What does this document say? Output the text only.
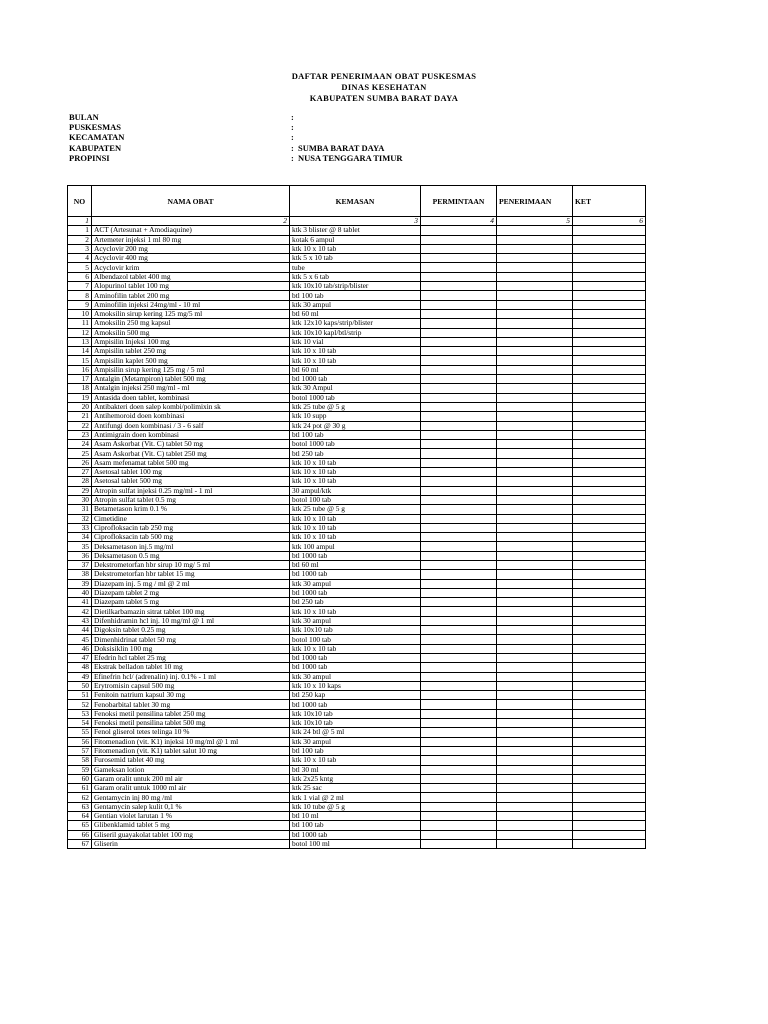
DAFTAR PENERIMAAN OBAT PUSKESMAS
DINAS KESEHATAN
KABUPATEN SUMBA BARAT DAYA
BULAN	:
PUSKESMAS	:
KECAMATAN	:
KABUPATEN	: SUMBA BARAT DAYA
PROPINSI	: NUSA TENGGARA TIMUR
NO	NAMA OBAT	KEMASAN	PERMINTAAN	PENERIMAAN	KET
1	2	3	4	5	6
1	ACT (Artesunat + Amodiaquine)	ktk 3 blister @ 8 tablet			
2	Artemeter injeksi 1 ml 80 mg	kotak 6 ampul			
3	Acyclovir 200 mg	ktk 10 x 10 tab			
4	Acyclovir 400 mg	ktk 5 x 10 tab			
5	Acyclovir krim	tube			
6	Albendazol tablet 400 mg	ktk 5 x 6 tab			
7	Alopurinol tablet 100 mg	ktk 10x10 tab/strip/blister			
8	Aminofilin tablet 200 mg	btl 100 tab			
9	Aminofilin injeksi 24mg/ml - 10 ml	ktk 30 ampul			
10	Amoksilin sirup kering 125 mg/5 ml	btl 60 ml			
11	Amoksilin 250 mg kapsul	ktk 12x10 kaps/strip/blister			
12	Amoksilin 500 mg	ktk 10x10 kapl/btl/strip			
13	Ampisilin Injeksi 100 mg	ktk 10 vial			
14	Ampisilin tablet 250 mg	ktk 10 x 10 tab			
15	Ampisilin kaplet 500 mg	ktk 10 x 10 tab			
16	Ampisilin sirup kering 125 mg / 5 ml	btl 60 ml			
17	Antalgin (Metampiron) tablet 500 mg	btl 1000 tab			
18	Antalgin injeksi 250 mg/ml - ml	ktk 30 Ampul			
19	Antasida doen tablet, kombinasi	botol 1000 tab			
20	Antibakteri doen salep kombi/polimixin sk	ktk 25 tube @ 5 g			
21	Antihemoroid doen kombinasi	ktk 10 supp			
22	Antifungi doen kombinasi / 3 - 6 salf	ktk 24 pot @ 30 g			
23	Antimigrain doen kombinasi	btl 100 tab			
24	Asam Askorbat (Vit. C) tablet 50 mg	botol 1000 tab			
25	Asam Askorbat (Vit. C) tablet 250 mg	btl 250 tab			
26	Asam mefenamat tablet 500 mg	ktk 10 x 10 tab			
27	Asetosal tablet 100 mg	ktk 10 x 10 tab			
28	Asetosal tablet 500 mg	ktk 10 x 10 tab			
29	Atropin sulfat injeksi 0.25 mg/ml - 1 ml	30 ampul/ktk			
30	Atropin sulfat tablet 0.5 mg	botol 100 tab			
31	Betametason krim 0.1 %	ktk 25 tube @ 5 g			
32	Cimetidine	ktk 10 x 10 tab			
33	Ciprofloksacin tab 250 mg	ktk 10 x 10 tab			
34	Ciprofloksacin tab 500 mg	ktk 10 x 10 tab			
35	Deksametason inj.5 mg/ml	ktk 100 ampul			
36	Deksametason 0.5 mg	btl 1000 tab			
37	Dekstrometorfan hbr sirup 10 mg/ 5 ml	btl 60 ml			
38	Dekstrometorfan hbr tablet 15 mg	btl 1000 tab			
39	Diazepam inj. 5 mg / ml @ 2 ml	ktk 30 ampul			
40	Diazepam tablet 2 mg	btl 1000 tab			
41	Diazepam tablet 5 mg	btl 250 tab			
42	Dietilkarbamazin sitrat tablet 100 mg	ktk 10 x 10 tab			
43	Difenhidramin hcl inj. 10 mg/ml @ 1 ml	ktk 30 ampul			
44	Digoksin tablet 0.25 mg	ktk 10x10 tab			
45	Dimenhidrinat tablet 50 mg	botol 100 tab			
46	Doksisiklin 100 mg	ktk 10 x 10 tab			
47	Efedrin hcl tablet 25 mg	btl 1000 tab			
48	Ekstrak belladon tablet 10 mg	btl 1000 tab			
49	Efinefrin hcl/ (adrenalin) inj. 0.1% - 1 ml	ktk 30 ampul			
50	Erytromisin capsul 500 mg	ktk 10 x 10 kaps			
51	Fenitoin natrium kapsul 30 mg	btl 250 kap			
52	Fenobarbital tablet 30 mg	btl 1000 tab			
53	Fenoksi metil pensilina tablet 250 mg	ktk 10x10 tab			
54	Fenoksi metil pensilina tablet 500 mg	ktk 10x10 tab			
55	Fenol gliserol tetes telinga 10 %	ktk 24 btl @ 5 ml			
56	Fitomenadion (vit. K1) injeksi 10 mg/ml @ 1 ml	ktk 30 ampul			
57	Fitomenadion (vit. K1) tablet salut 10 mg	btl 100 tab			
58	Furosemid tablet 40 mg	ktk 10 x 10 tab			
59	Gameksan lotion	btl 30 ml			
60	Garam oralit untuk 200 ml air	ktk 2x25 kntg			
61	Garam oralit untuk 1000 ml air	ktk 25 sac			
62	Gentamycin inj 80 mg /ml	ktk 1 vial @ 2 ml			
63	Gentamycin salep kulit 0,1 %	ktk 10 tube @ 5 g			
64	Gentian violet larutan 1 %	btl 10 ml			
65	Glibenklamid tablet 5 mg	btl 100 tab			
66	Gliseril guayakolat tablet 100 mg	btl 1000 tab			
67	Gliserin	botol 100 ml			
